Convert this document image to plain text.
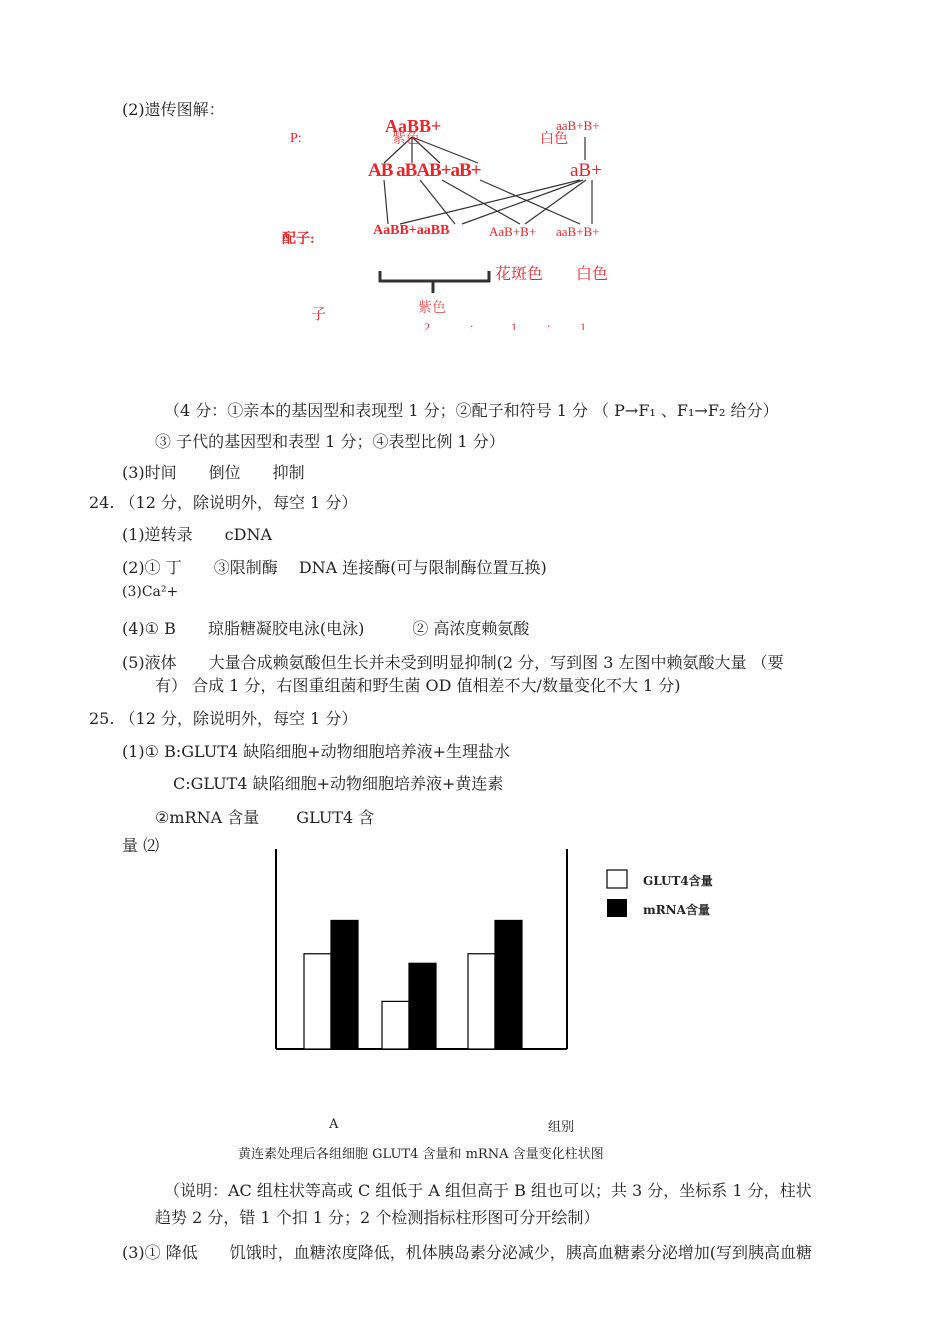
(2)遗传图解：
P:
AaBB+
紫色	白色
aaB+B+
AB aBAB+aB+	aB+
配子:
AaBB+aaBB	AaB+B+ aaB+B+
花斑色 白色
紫色
子
2	:	1	: 1
（4 分：①亲本的基因型和表现型 1 分；②配子和符号 1 分 （ P→F₁ 、F₁→F₂ 给分）
③ 子代的基因型和表型 1 分；④表型比例 1 分）
(3)时间　　倒位　　抑制
24. （12 分，除说明外，每空 1 分）
(1)逆转录　　cDNA
(2)① 丁　　③限制酶　 DNA 连接酶(可与限制酶位置互换)
(3)Ca²+
(4)① B　　琼脂糖凝胶电泳(电泳)　　　② 高浓度赖氨酸
(5)液体　　大量合成赖氨酸但生长并未受到明显抑制(2 分，写到图 3 左图中赖氨酸大量 （要
有） 合成 1 分，右图重组菌和野生菌 OD 值相差不大/数量变化不大 1 分)
25. （12 分，除说明外，每空 1 分）
(1)① B:GLUT4 缺陷细胞+动物细胞培养液+生理盐水
C:GLUT4 缺陷细胞+动物细胞培养液+黄连素
②mRNA 含量　　 GLUT4 含
量 ⑵
GLUT4含量
mRNA含量
A	组别
黄连素处理后各组细胞 GLUT4 含量和 mRNA 含量变化柱状图
（说明：AC 组柱状等高或 C 组低于 A 组但高于 B 组也可以；共 3 分，坐标系 1 分，柱状
趋势 2 分，错 1 个扣 1 分；2 个检测指标柱形图可分开绘制）
(3)① 降低　　饥饿时，血糖浓度降低，机体胰岛素分泌减少，胰高血糖素分泌增加(写到胰高血糖
